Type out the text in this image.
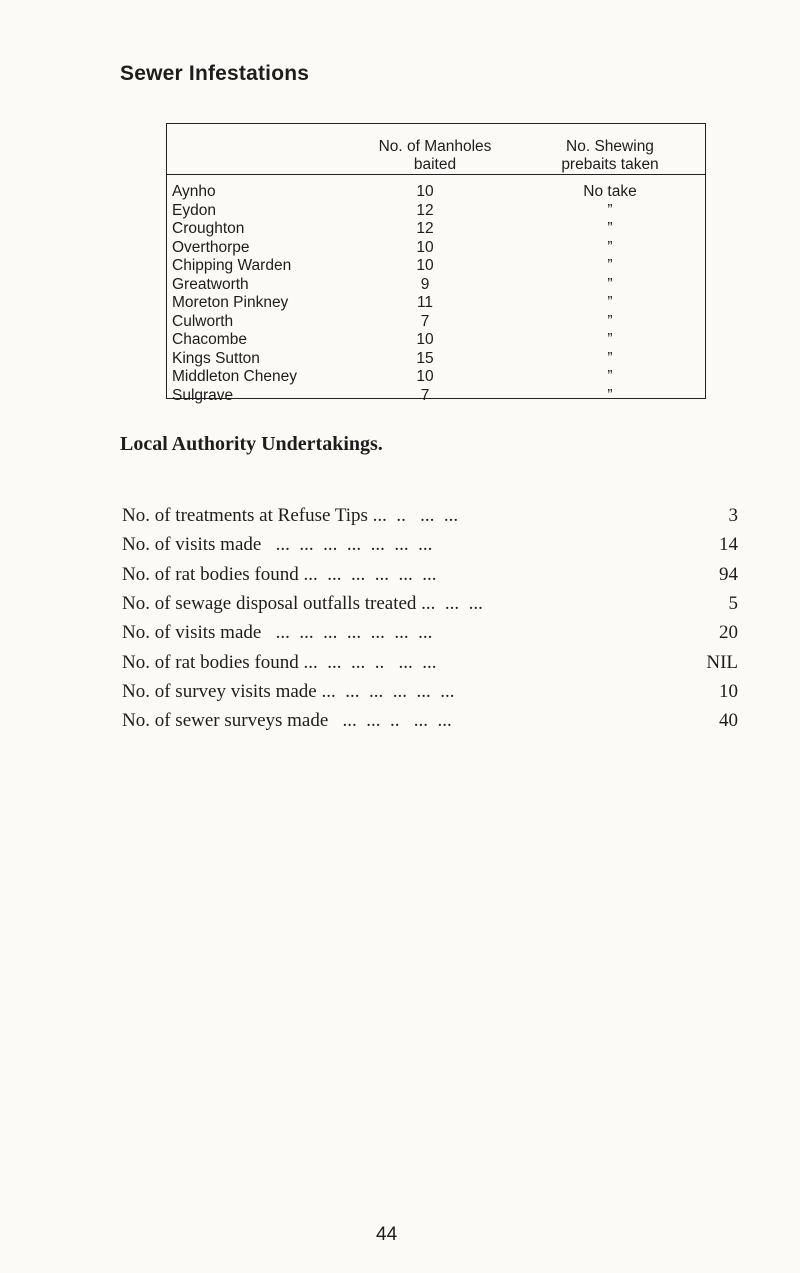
Sewer Infestations
No. of Manholes
baited
No. Shewing
prebaits taken
Aynho	10	No take
Eydon	12	”
Croughton	12	”
Overthorpe	10	”
Chipping Warden	10	”
Greatworth	9	”
Moreton Pinkney	11	”
Culworth	7	”
Chacombe	10	”
Kings Sutton	15	”
Middleton Cheney	10	”
Sulgrave	7	”
Local Authority Undertakings.
No. of treatments at Refuse Tips ...  ..   ...  ...	3
No. of visits made   ...  ...  ...  ...  ...  ...  ...	14
No. of rat bodies found ...  ...  ...  ...  ...  ...	94
No. of sewage disposal outfalls treated ...  ...  ...	5
No. of visits made   ...  ...  ...  ...  ...  ...  ...	20
No. of rat bodies found ...  ...  ...  ..   ...  ...	NIL
No. of survey visits made ...  ...  ...  ...  ...  ...	10
No. of sewer surveys made   ...  ...  ..   ...  ...	40
44
